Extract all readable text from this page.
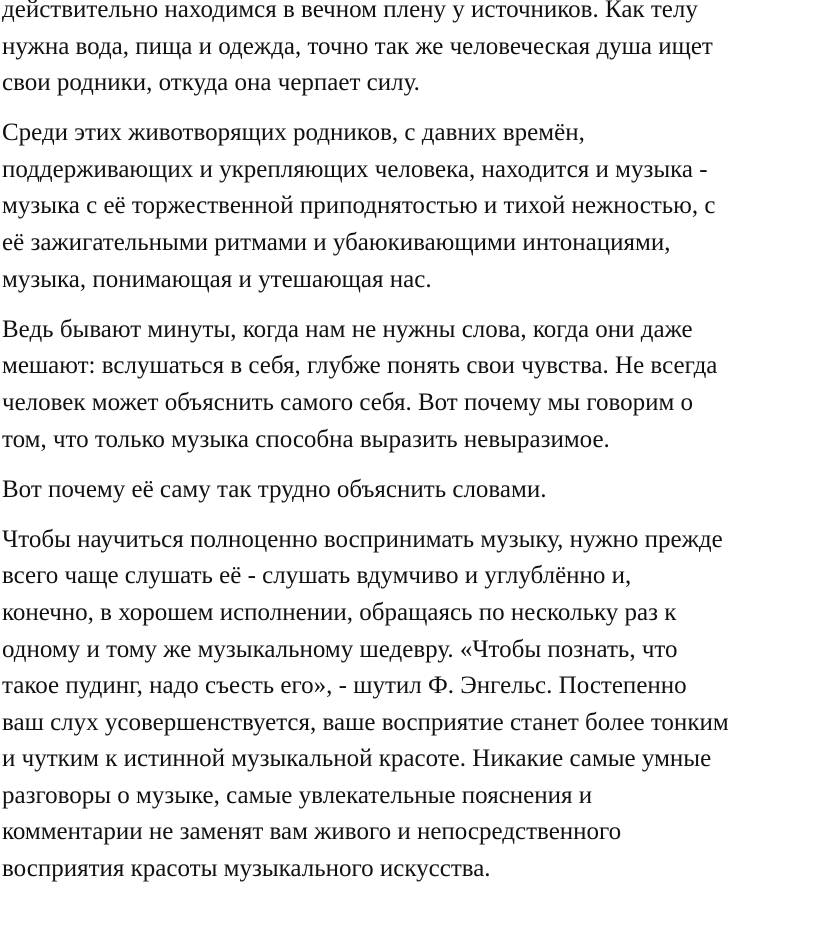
действительно находимся в вечном плену у источников. Как телу
нужна вода, пища и одежда, точно так же человеческая душа ищет
свои родники, откуда она черпает силу.

Среди этих животворящих родников, с давних времён,
поддерживающих и укрепляющих человека, находится и музыка -
музыка с её торжественной приподнятостью и тихой нежностью, с
её зажигательными ритмами и убаюкивающими интонациями,
музыка, понимающая и утешающая нас.

Ведь бывают минуты, когда нам не нужны слова, когда они даже
мешают: вслушаться в себя, глубже понять свои чувства. Не всегда
человек может объяснить самого себя. Вот почему мы говорим о
том, что только музыка способна выразить невыразимое.

Вот почему её саму так трудно объяснить словами.

Чтобы научиться полноценно воспринимать музыку, нужно прежде
всего чаще слушать её - слушать вдумчиво и углублённо и,
конечно, в хорошем исполнении, обращаясь по нескольку раз к
одному и тому же музыкальному шедевру. «Чтобы познать, что
такое пудинг, надо съесть его», - шутил Ф. Энгельс. Постепенно
ваш слух усовершенствуется, ваше восприятие станет более тонким
и чутким к истинной музыкальной красоте. Никакие самые умные
разговоры о музыке, самые увлекательные пояснения и
комментарии не заменят вам живого и непосредственного
восприятия красоты музыкального искусства.
